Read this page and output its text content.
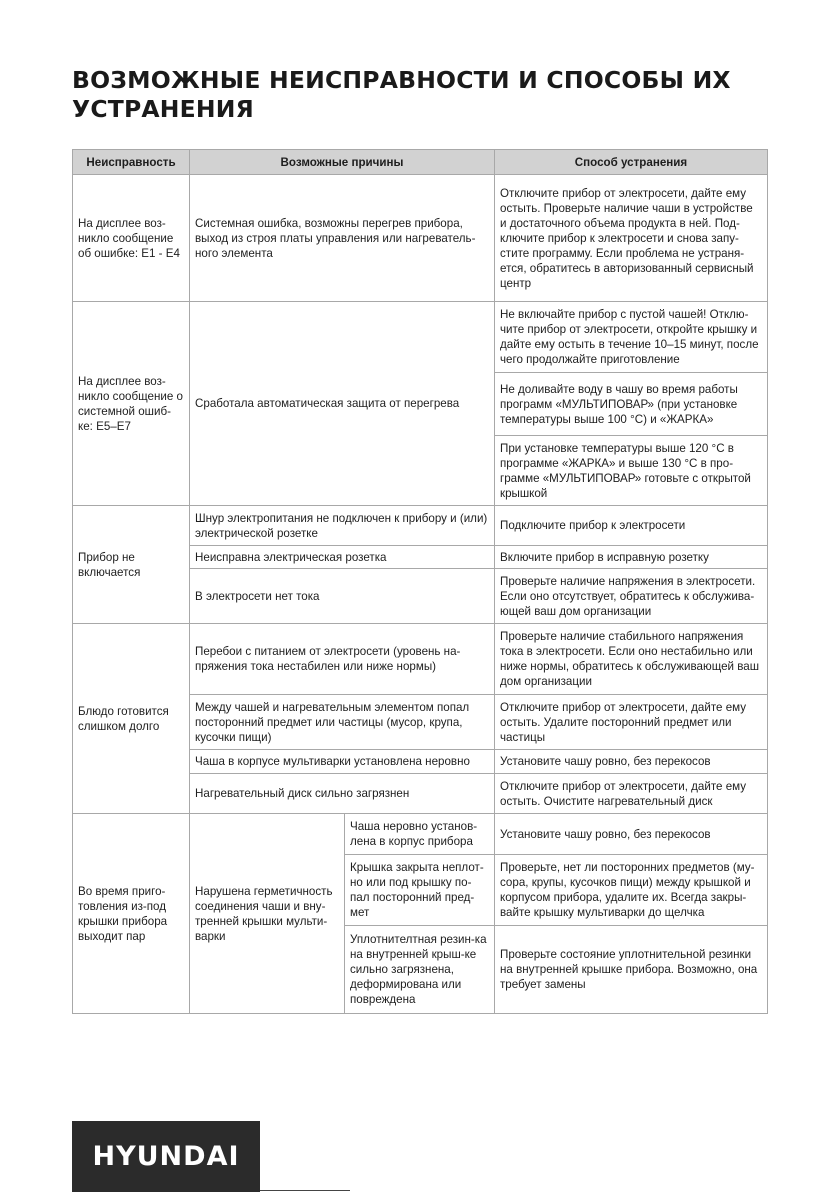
ВОЗМОЖНЫЕ НЕИСПРАВНОСТИ И СПОСОБЫ ИХ УСТРАНЕНИЯ
Неисправность	Возможные причины		Способ устранения
На дисплее воз-никло сообщение об ошибке: E1 - E4	Системная ошибка, возможны перегрев прибора, выход из строя платы управления или нагреватель-ного элемента		Отключите прибор от электросети, дайте ему остыть. Проверьте наличие чаши в устройстве и достаточного объема продукта в ней. Под-ключите прибор к электросети и снова запу-стите программу. Если проблема не устраня-ется, обратитесь в авторизованный сервисный центр
На дисплее воз-никло сообщение о системной ошиб-ке: E5–E7	Сработала автоматическая защита от перегрева		Не включайте прибор с пустой чашей! Отклю-чите прибор от электросети, откройте крышку и дайте ему остыть в течение 10–15 минут, после чего продолжайте приготовление
			Не доливайте воду в чашу во время работы программ «МУЛЬТИПОВАР» (при установке температуры выше 100 °C) и «ЖАРКА»
			При установке температуры выше 120 °C в программе «ЖАРКА» и выше 130 °C в про-грамме «МУЛЬТИПОВАР» готовьте с открытой крышкой
Прибор не включается	Шнур электропитания не подключен к прибору и (или) электрической розетке		Подключите прибор к электросети
	Неисправна электрическая розетка		Включите прибор в исправную розетку
	В электросети нет тока		Проверьте наличие напряжения в электросети. Если оно отсутствует, обратитесь к обслужива-ющей ваш дом организации
Блюдо готовится слишком долго	Перебои с питанием от электросети (уровень на-пряжения тока нестабилен или ниже нормы)		Проверьте наличие стабильного напряжения тока в электросети. Если оно нестабильно или ниже нормы, обратитесь к обслуживающей ваш дом организации
	Между чашей и нагревательным элементом попал посторонний предмет или частицы (мусор, крупа, кусочки пищи)		Отключите прибор от электросети, дайте ему остыть. Удалите посторонний предмет или частицы
	Чаша в корпусе мультиварки установлена неровно		Установите чашу ровно, без перекосов
	Нагревательный диск сильно загрязнен		Отключите прибор от электросети, дайте ему остыть. Очистите нагревательный диск
Во время приго-товления из-под крышки прибора выходит пар	Нарушена герметичность соединения чаши и вну-тренней крышки мульти-варки	Чаша неровно установ-лена в корпус прибора	Установите чашу ровно, без перекосов
		Крышка закрыта неплот-но или под крышку по-пал посторонний пред-мет	Проверьте, нет ли посторонних предметов (му-сора, крупы, кусочков пищи) между крышкой и корпусом прибора, удалите их. Всегда закры-вайте крышку мультиварки до щелчка
		Уплотнителтная резин-ка на внутренней крыш-ке сильно загрязнена, деформирована или повреждена	Проверьте состояние уплотнительной резинки на внутренней крышке прибора. Возможно, она требует замены
HYUNDAI
